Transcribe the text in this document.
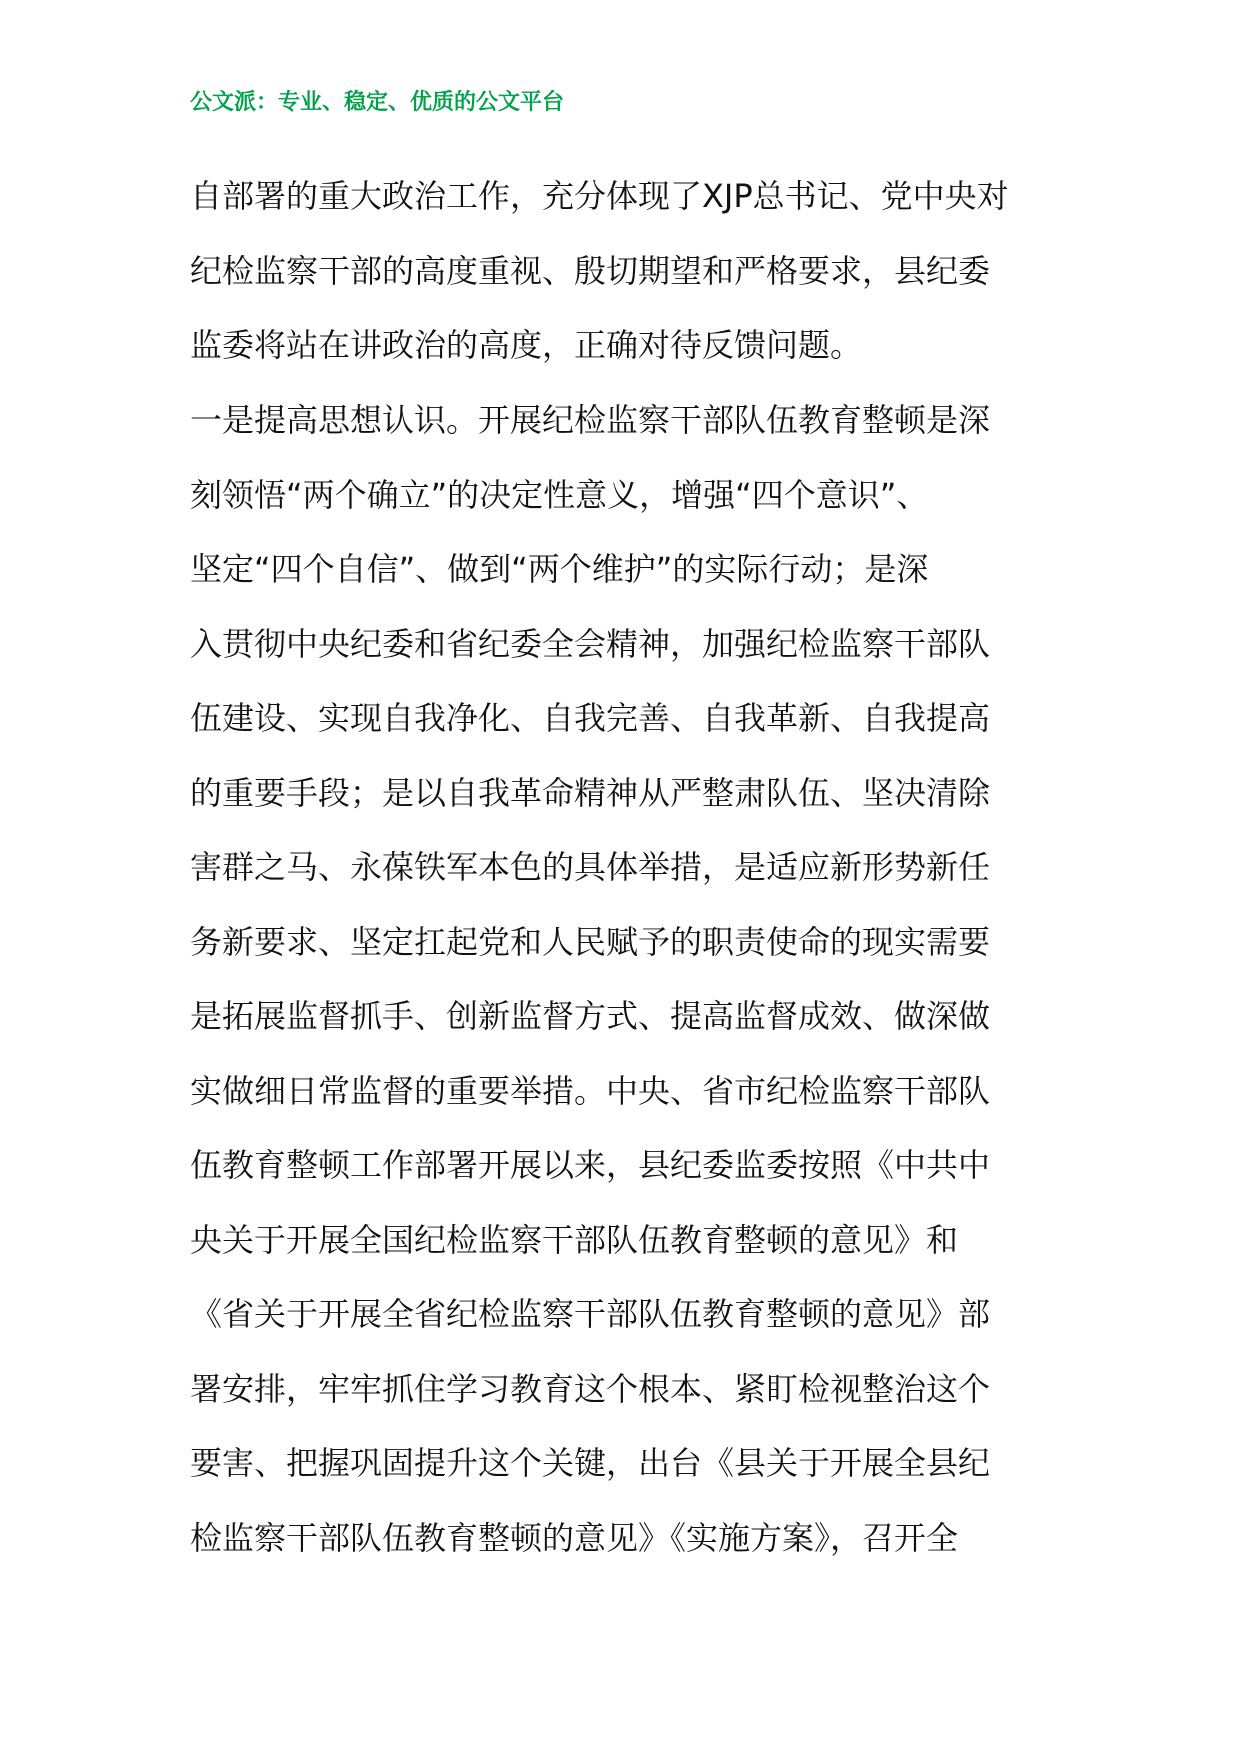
公文派：专业、稳定、优质的公文平台
自部署的重大政治工作，充分体现了XJP总书记、党中央对
纪检监察干部的高度重视、殷切期望和严格要求，县纪委
监委将站在讲政治的高度，正确对待反馈问题。
一是提高思想认识。开展纪检监察干部队伍教育整顿是深
刻领悟“两个确立”的决定性意义，增强“四个意识”、
坚定“四个自信”、做到“两个维护”的实际行动；是深
入贯彻中央纪委和省纪委全会精神，加强纪检监察干部队
伍建设、实现自我净化、自我完善、自我革新、自我提高
的重要手段；是以自我革命精神从严整肃队伍、坚决清除
害群之马、永葆铁军本色的具体举措，是适应新形势新任
务新要求、坚定扛起党和人民赋予的职责使命的现实需要
是拓展监督抓手、创新监督方式、提高监督成效、做深做
实做细日常监督的重要举措。中央、省市纪检监察干部队
伍教育整顿工作部署开展以来，县纪委监委按照《中共中
央关于开展全国纪检监察干部队伍教育整顿的意见》和
《省关于开展全省纪检监察干部队伍教育整顿的意见》部
署安排，牢牢抓住学习教育这个根本、紧盯检视整治这个
要害、把握巩固提升这个关键，出台《县关于开展全县纪
检监察干部队伍教育整顿的意见》《实施方案》，召开全
